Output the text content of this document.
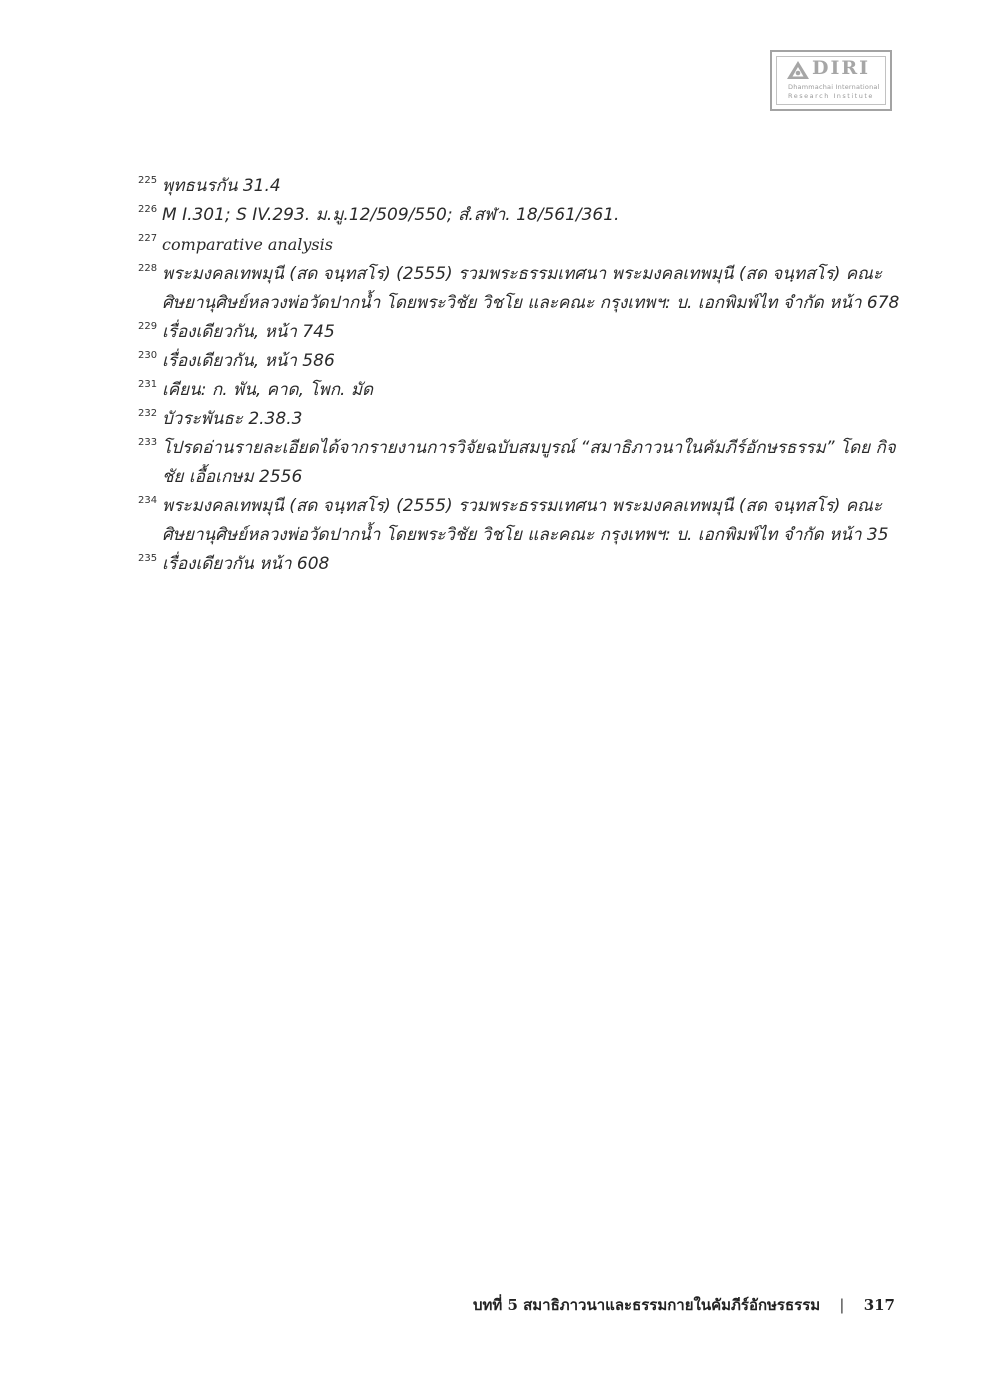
DIRI
Dhammachai International
Research Institute
225 พุทธนรกัน 31.4
226 M I.301; S IV.293. ม.มู.12/509/550; สํ.สฬา. 18/561/361.
227 comparative analysis
228 พระมงคลเทพมุนี (สด จนฺทสโร) (2555) รวมพระธรรมเทศนา พระมงคลเทพมุนี (สด จนฺทสโร) คณะศิษยานุศิษย์หลวงพ่อวัดปากน้ำ โดยพระวิชัย วิชโย และคณะ กรุงเทพฯ: บ. เอกพิมพ์ไท จำกัด หน้า 678
229 เรื่องเดียวกัน, หน้า 745
230 เรื่องเดียวกัน, หน้า 586
231 เคียน: ก. พัน, คาด, โพก. มัด
232 บัวระพันธะ 2.38.3
233 โปรดอ่านรายละเอียดได้จากรายงานการวิจัยฉบับสมบูรณ์ “สมาธิภาวนาในคัมภีร์อักษรธรรม” โดย กิจชัย เอื้อเกษม 2556
234 พระมงคลเทพมุนี (สด จนฺทสโร) (2555) รวมพระธรรมเทศนา พระมงคลเทพมุนี (สด จนฺทสโร) คณะศิษยานุศิษย์หลวงพ่อวัดปากน้ำ โดยพระวิชัย วิชโย และคณะ กรุงเทพฯ: บ. เอกพิมพ์ไท จำกัด หน้า 35
235 เรื่องเดียวกัน หน้า 608
บทที่ 5 สมาธิภาวนาและธรรมกายในคัมภีร์อักษรธรรม | 317
